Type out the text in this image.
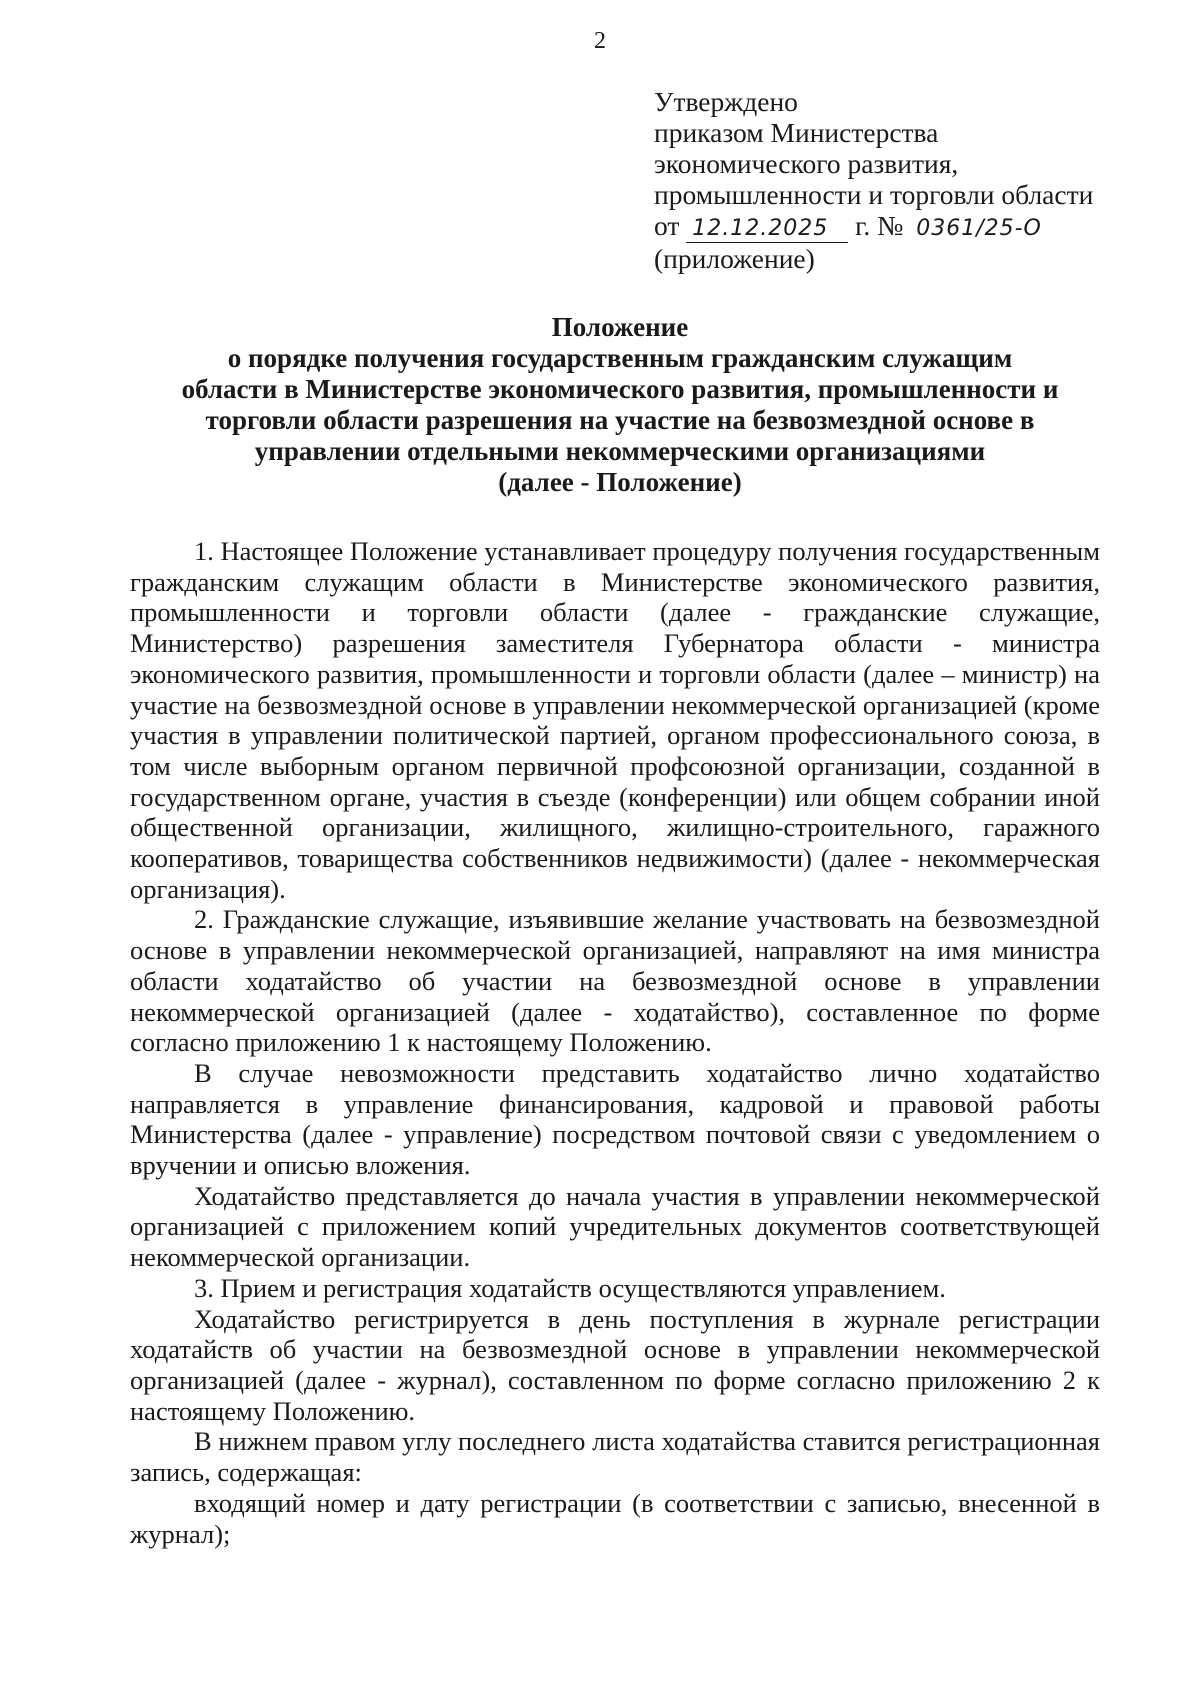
2
Утверждено
приказом Министерства
экономического развития,
промышленности и торговли области
от 12.12.2025 г. № 0361/25-О
(приложение)
Положение
о порядке получения государственным гражданским служащим
области в Министерстве экономического развития, промышленности и
торговли области разрешения на участие на безвозмездной основе в
управлении отдельными некоммерческими организациями
(далее - Положение)

1. Настоящее Положение устанавливает процедуру получения государственным гражданским служащим области в Министерстве экономического развития, промышленности и торговли области (далее - гражданские служащие, Министерство) разрешения заместителя Губернатора области - министра экономического развития, промышленности и торговли области (далее – министр) на участие на безвозмездной основе в управлении некоммерческой организацией (кроме участия в управлении политической партией, органом профессионального союза, в том числе выборным органом первичной профсоюзной организации, созданной в государственном органе, участия в съезде (конференции) или общем собрании иной общественной организации, жилищного, жилищно-строительного, гаражного кооперативов, товарищества собственников недвижимости) (далее - некоммерческая организация).

2. Гражданские служащие, изъявившие желание участвовать на безвозмездной основе в управлении некоммерческой организацией, направляют на имя министра области ходатайство об участии на безвозмездной основе в управлении некоммерческой организацией (далее - ходатайство), составленное по форме согласно приложению 1 к настоящему Положению.

В случае невозможности представить ходатайство лично ходатайство направляется в управление финансирования, кадровой и правовой работы Министерства (далее - управление) посредством почтовой связи с уведомлением о вручении и описью вложения.

Ходатайство представляется до начала участия в управлении некоммерческой организацией с приложением копий учредительных документов соответствующей некоммерческой организации.

3. Прием и регистрация ходатайств осуществляются управлением.

Ходатайство регистрируется в день поступления в журнале регистрации ходатайств об участии на безвозмездной основе в управлении некоммерческой организацией (далее - журнал), составленном по форме согласно приложению 2 к настоящему Положению.

В нижнем правом углу последнего листа ходатайства ставится регистрационная запись, содержащая:

входящий номер и дату регистрации (в соответствии с записью, внесенной в журнал);
